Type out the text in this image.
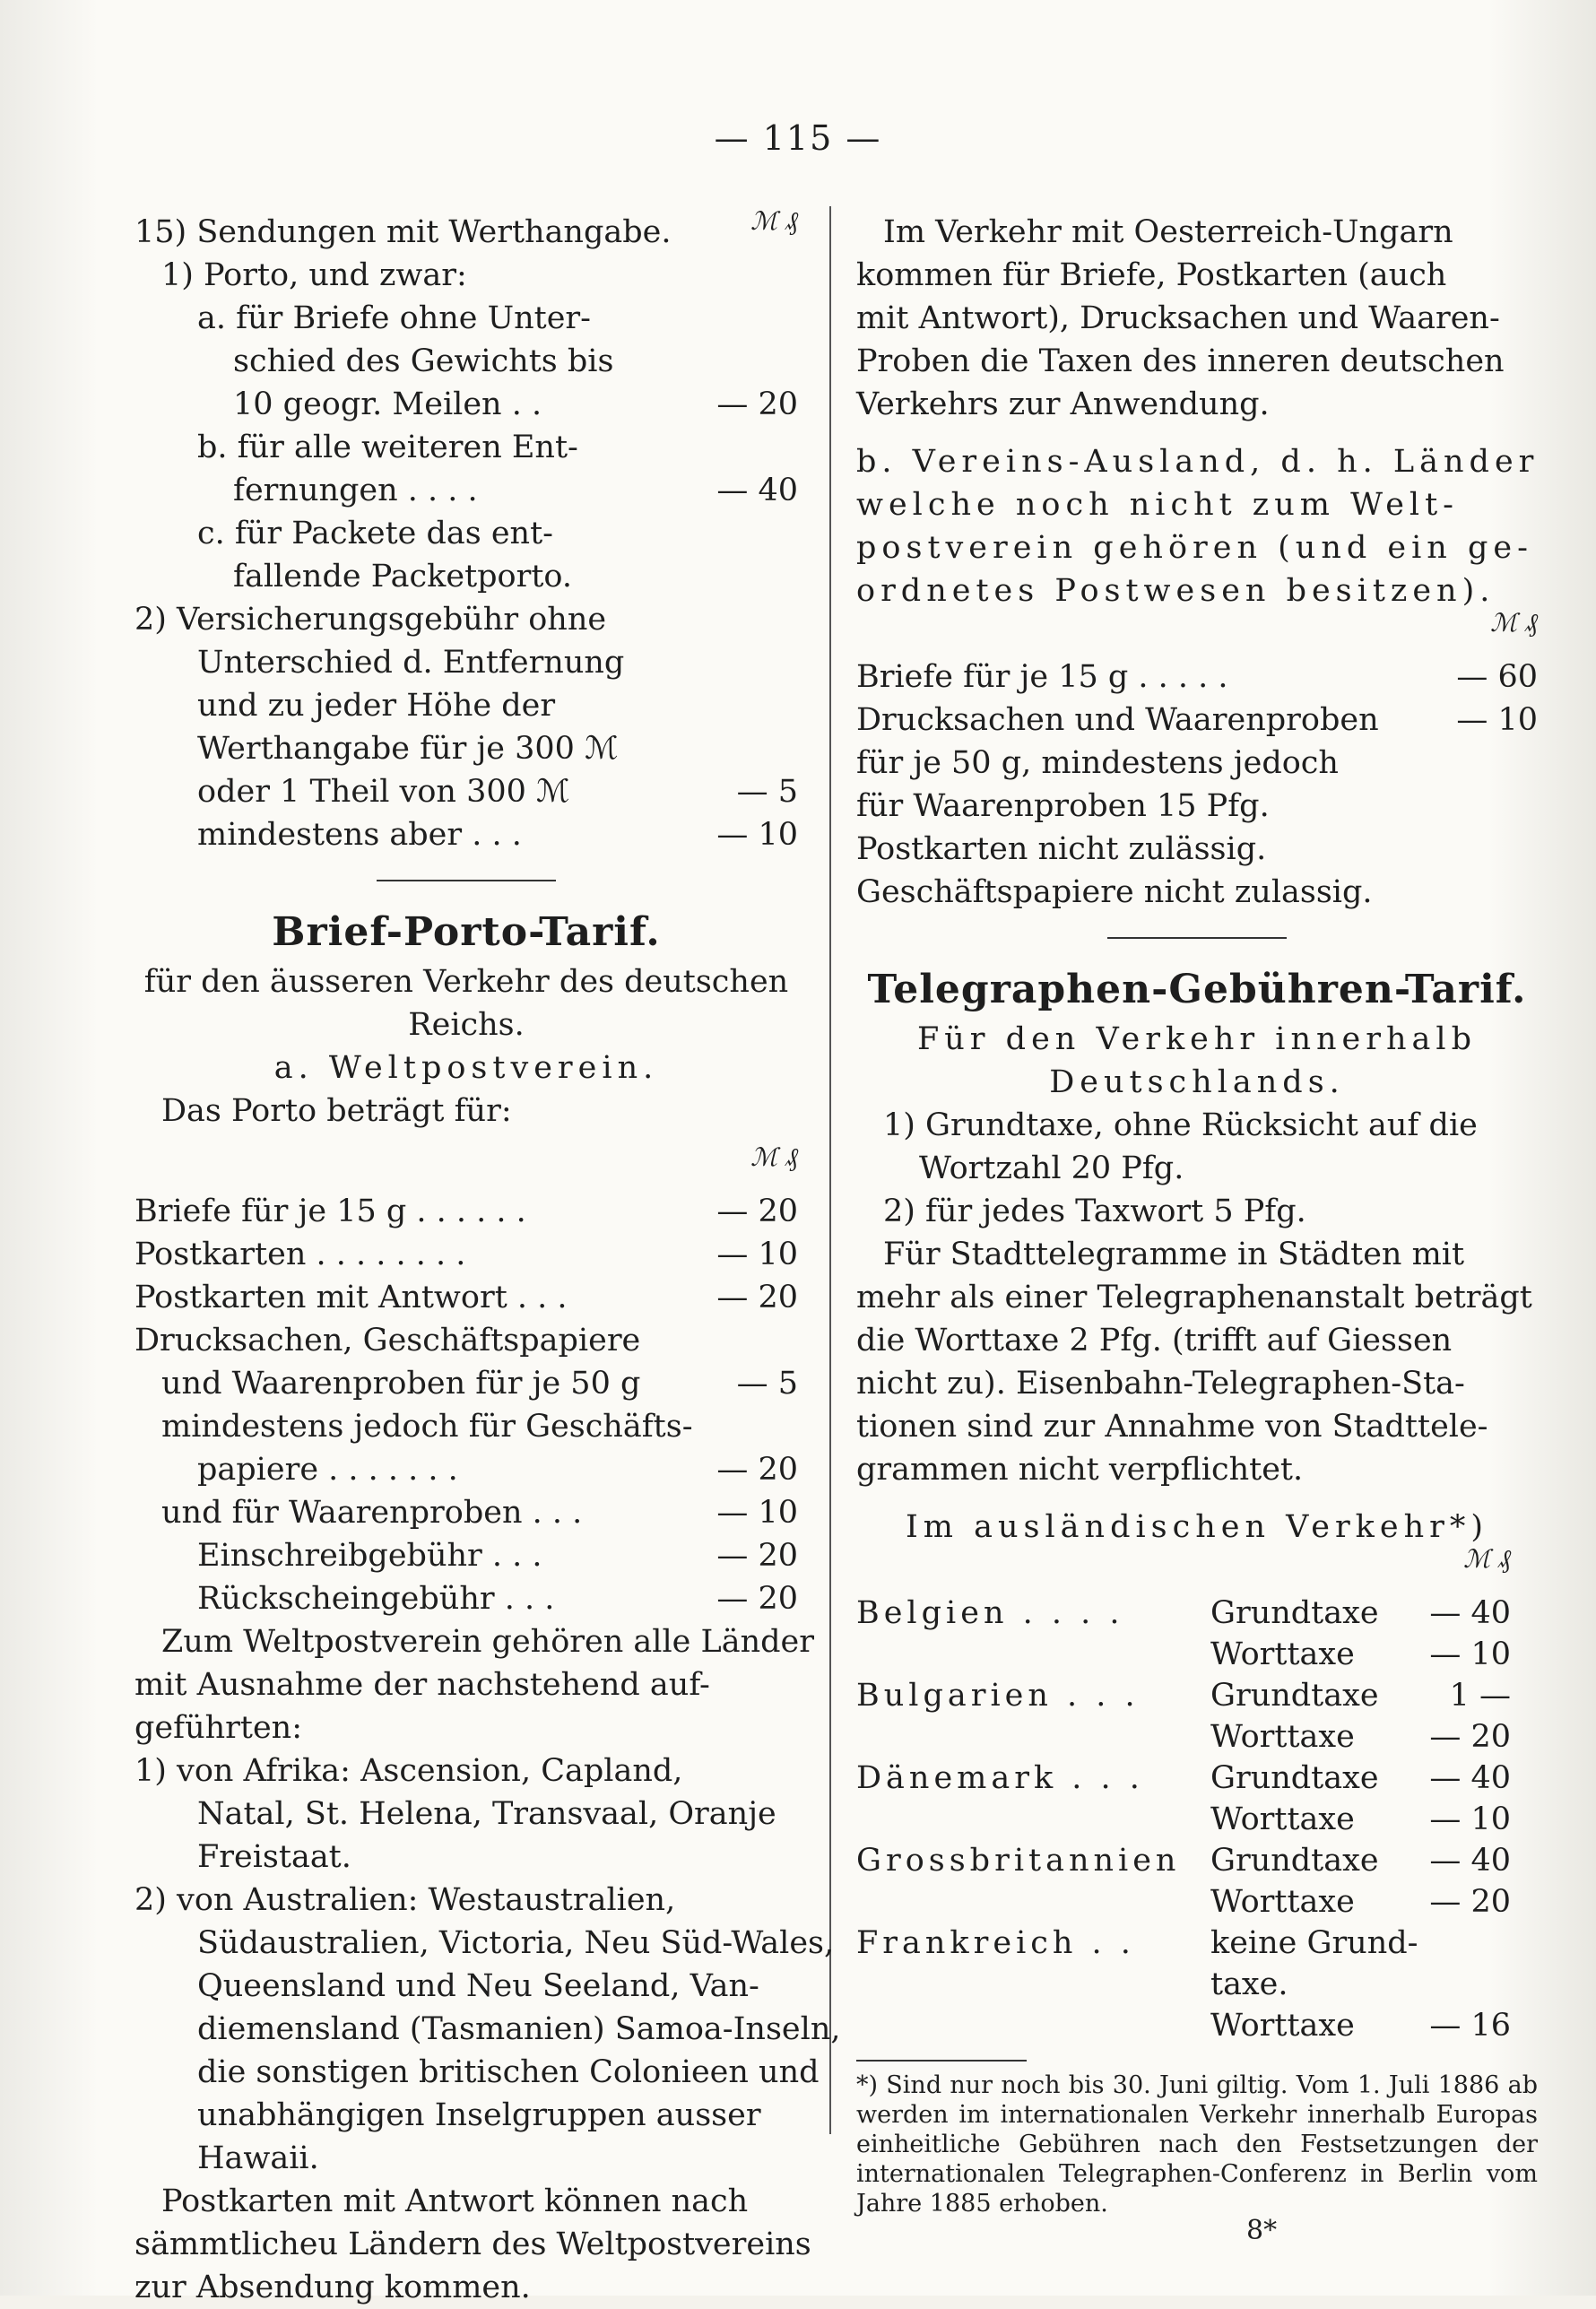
— 115 —
15) Sendungen mit Werthangabe.	ℳ ₰
1) Porto, und zwar:
a. für Briefe ohne Unter-
schied des Gewichts bis
10 geogr. Meilen . .	— 20
b. für alle weiteren Ent-
fernungen . . . .	— 40
c. für Packete das ent-
fallende Packetporto.
2) Versicherungsgebühr ohne
Unterschied d. Entfernung
und zu jeder Höhe der
Werthangabe für je 300 ℳ
oder 1 Theil von 300 ℳ	— 5
mindestens aber . . .	— 10
Brief-Porto-Tarif.
für den äusseren Verkehr des deutschen
Reichs.
a. Weltpostverein.
Das Porto beträgt für:
ℳ ₰
Briefe für je 15 g . . . . . .	— 20
Postkarten . . . . . . . .	— 10
Postkarten mit Antwort . . .	— 20
Drucksachen, Geschäftspapiere
und Waarenproben für je 50 g	— 5
mindestens jedoch für Geschäfts-
papiere . . . . . . .	— 20
und für Waarenproben . . .	— 10
Einschreibgebühr . . .	— 20
Rückscheingebühr . . .	— 20
Zum Weltpostverein gehören alle Länder
mit Ausnahme der nachstehend auf-
geführten:
1) von Afrika: Ascension, Capland,
Natal, St. Helena, Transvaal, Oranje
Freistaat.
2) von Australien: Westaustralien,
Südaustralien, Victoria, Neu Süd-Wales,
Queensland und Neu Seeland, Van-
diemensland (Tasmanien) Samoa-Inseln,
die sonstigen britischen Colonieen und
unabhängigen Inselgruppen ausser
Hawaii.
Postkarten mit Antwort können nach
sämmtlicheu Ländern des Weltpostvereins
zur Absendung kommen.
Im Verkehr mit Oesterreich-Ungarn
kommen für Briefe, Postkarten (auch
mit Antwort), Drucksachen und Waaren-
Proben die Taxen des inneren deutschen
Verkehrs zur Anwendung.
b. Vereins-Ausland, d. h. Länder
welche noch nicht zum Welt-
postverein gehören (und ein ge-
ordnetes Postwesen besitzen).
ℳ ₰
Briefe für je 15 g . . . . .	— 60
Drucksachen und Waarenproben — 10
für je 50 g, mindestens jedoch
für Waarenproben 15 Pfg.
Postkarten nicht zulässig.
Geschäftspapiere nicht zulassig.
Telegraphen-Gebühren-Tarif.
Für den Verkehr innerhalb
Deutschlands.
1) Grundtaxe, ohne Rücksicht auf die
Wortzahl 20 Pfg.
2) für jedes Taxwort 5 Pfg.
Für Stadttelegramme in Städten mit
mehr als einer Telegraphenanstalt beträgt
die Worttaxe 2 Pfg. (trifft auf Giessen
nicht zu). Eisenbahn-Telegraphen-Sta-
tionen sind zur Annahme von Stadttele-
grammen nicht verpflichtet.
Im ausländischen Verkehr*)
ℳ ₰
Belgien . . . .	Grundtaxe — 40
Worttaxe — 10
Bulgarien . . . Grundtaxe 1 —
Worttaxe — 20
Dänemark . . . Grundtaxe — 40
Worttaxe — 10
Grossbritannien Grundtaxe — 40
Worttaxe — 20
Frankreich . . keine Grund-
taxe.
Worttaxe — 16
*) Sind nur noch bis 30. Juni giltig. Vom 1. Juli 1886 ab werden im internationalen Verkehr innerhalb Europas einheitliche Gebühren nach den Festsetzungen der internationalen Telegraphen-Conferenz in Berlin vom Jahre 1885 erhoben.
8*
